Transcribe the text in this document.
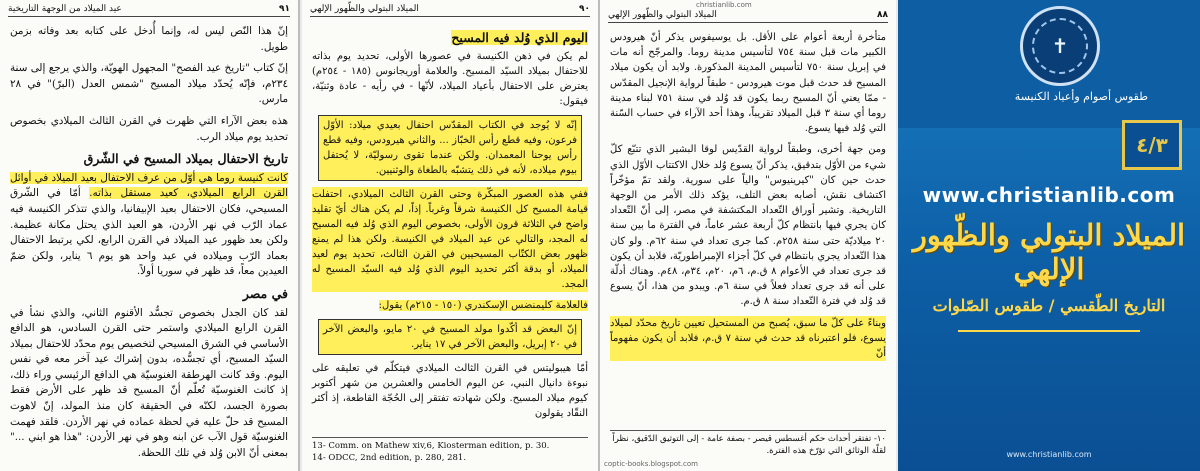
٩١
عيد الميلاد من الوجهة التاريخية

إنّ هذا النّص ليس له، وإنما أُدخل على كتابه بعد وفاته بزمن طويل.

إنّ كتاب "تاريخ عيد الفصح" المجهول الهويّة، والذي يرجع إلى سنة ٢٣٤م، فإنّه يُحدّد ميلاد المسيح "شمس العدل (البرّ)" في ٢٨ مارس.

هذه بعض الآراء التي ظهرت في القرن الثالث الميلادي بخصوص تحديد يوم ميلاد الرب.

تاريخ الاحتفال بميلاد المسيح في الشّرق

كانت كنيسة روما هي أوّل من عرف الاحتفال بعيد الميلاد في أوائل القرن الرابع الميلادي، كعيد مستقل بذاته. أمّا في الشّرق المسيحي، فكان الاحتفال بعيد الإبيفانيا، والذي تتذكر الكنيسة فيه عماد الرّب في نهر الأردن، هو العيد الذي يحتل مكانة عظيمة. ولكن بعد ظهور عيد الميلاد في القرن الرابع، لكي يرتبط الاحتفال بعماد الرّب وميلاده في عيد واحد هو يوم ٦ يناير، ولكن ضمّ العيدين معاً، قد ظهر في سوريا أولاً.

في مصر

لقد كان الجدل بخصوص تجسُّد الأقنوم الثاني، والذي نشأ في القرن الرابع الميلادي واستمر حتى القرن السادس، هو الدافع الأساسي في الشرق المسيحي لتخصيص يوم محدّد للاحتفال بميلاد السيّد المسيح، أي تجسُّده، بدون إشراك عيد آخر معه في نفس اليوم. وقد كانت الهرطقة الغنوسيّة هي الدافع الرئيسي وراء ذلك، إذ كانت الغنوسيّة تُعلّم أنّ المسيح قد ظهر على الأرض فقط بصورة الجسد، لكنّه في الحقيقة كان منذ المولد، إنّ لاهوت المسيح قد حلّ عليه في لحظة عماده في نهر الأردن. فلقد فهمت الغنوسيّة قول الآب عن ابنه وهو في نهر الأردن: "هذا هو ابني ..." بمعنى أنّ الابن وُلد في تلك اللحظة.

٩٠
الميلاد البتولي والظّهور الإلهي
اليوم الذي وُلد فيه المسيح

لم يكن في ذهن الكنيسة في عصورها الأولى، تحديد يوم بذاته للاحتفال بميلاد السيّد المسيح. والعلامة أوريجانوس (١٨٥ - ٢٥٤م) يعترض على الاحتفال بأعياد الميلاد، لأنّها - في رأيه - عادة وثنيّة، فيقول:

إنّه لا يُوجد في الكتاب المقدّس احتفال بعيدي ميلاد: الأوّل فرعون، وفيه قطع رأس الخبّاز ... والثاني هيرودس، وفيه قطع رأس يوحنا المعمدان. ولكن عندما تقوى رسوليّة، لا يُحتفل بيوم ميلاده، لأنه في ذلك يتشبّه بالطغاة والوثنيين.

ففي هذه العصور المبكّرة وحتى القرن الثالث الميلادي، احتفلت قيامة المسيح كل الكنيسة شرقاً وغرباً. إذاً، لم يكن هناك أيّ تقليد واضح في الثلاثة قرون الأولى، بخصوص اليوم الذي وُلد فيه المسيح له المجد، والتالي عن عيد الميلاد في الكنيسة. ولكن هذا لم يمنع ظهور بعض الكتّاب المسيحيين في القرن الثالث، تحديد يوم لعيد الميلاد، أو بدقة أكثر تحديد اليوم الذي وُلد فيه السيّد المسيح له المجد.

فالعلامة كليمنضس الإسكندري (١٥٠ - ٢١٥م) يقول:

إنّ البعض قد أكّدوا مولد المسيح في ٢٠ مايو، والبعض الآخر في ٢٠ إبريل، والبعض الآخر في ١٧ يناير.

أمّا هيبوليتس في القرن الثالث الميلادي فيتكلّم في تعليقه على نبوءة دانيال النبي، عن اليوم الخامس والعشرين من شهر أكتوبر كيوم ميلاد المسيح. ولكن شهادته تفتقر إلى الحُجّة القاطعة، إذ أكثر النقّاد يقولون

13- Comm. on Mathew xiv,6, Kiosterman edition, p. 30.
14- ODCC, 2nd edition, p. 280, 281.
christianlib.com
٨٨
الميلاد البتولي والظّهور الإلهي

متأخرة أربعة أعوام على الأقل. بل يوسيفوس يذكر أنّ هيرودس الكبير مات قبل سنة ٧٥٤ لتأسيس مدينة روما. والمرجّح أنه مات في إبريل سنة ٧٥٠ لتأسيس المدينة المذكورة. ولابد أن يكون ميلاد المسيح قد حدث قبل موت هيرودس - طبقاً لرواية الإنجيل المقدّس - ممّا يعني أنّ المسيح ربما يكون قد وُلد في سنة ٧٥١ لبناء مدينة روما أي سنة ٣ قبل الميلاد تقريباً، وهذا أحد الآراء في حساب السّنة التي وُلد فيها يسوع.

ومن جهة أخرى، وطبقاً لرواية القدّيس لوقا البشير الذي تتبّع كلّ شيء من الأوّل بتدقيق، يذكر أنّ يسوع وُلد خلال الاكتتاب الأوّل الذي حدث حين كان "كيرينيوس" والياً على سورية. ولقد تمّ مؤخّراً اكتشاف نقش، أصابه بعض التلف، يؤكد ذلك الأمر من الوجهة التاريخية. وتشير أوراق التّعداد المكتشفة في مصر، إلى أنّ التّعداد كان يجري فيها بانتظام كلّ أربعة عشر عاماً، في الفترة ما بين سنة ٢٠ ميلاديّة حتى سنة ٢٥٨م. كما جرى تعداد في سنة ٦٢م. ولو كان هذا التّعداد يجري بانتظام في كلّ أجزاء الإمبراطوريّة، فلابد أن يكون قد جرى تعداد في الأعوام ٨ ق.م، ٦م، ٢٠م، ٣٤م، ٤٨م. وهناك أدلّة على أنه قد جرى تعداد فعلاً في سنة ٦م. ويبدو من هذا، أنّ يسوع قد وُلد في فترة التّعداد سنة ٨ ق.م.

وبناءً على كلّ ما سبق، يُصبح من المستحيل تعيين تاريخ محدّد لميلاد يسوع، فلو اعتبرناه قد حدث في سنة ٧ ق.م، فلابد أن يكون مفهوماً أنّ

١٠- تفتقر أحداث حكم أغسطس قيصر - بصفة عامة - إلى التوثيق الدّقيق، نظراً لقلّة الوثائق التي تؤرّخ هذه الفترة.
coptic-books.blogspot.com
✝
طقوس أصوام وأعياد الكنيسة
٤/٣
www.christianlib.com
الميلاد البتولي والظّهور الإلهي
التاريخ الطّقسي / طقوس الصّلوات
www.christianlib.com
